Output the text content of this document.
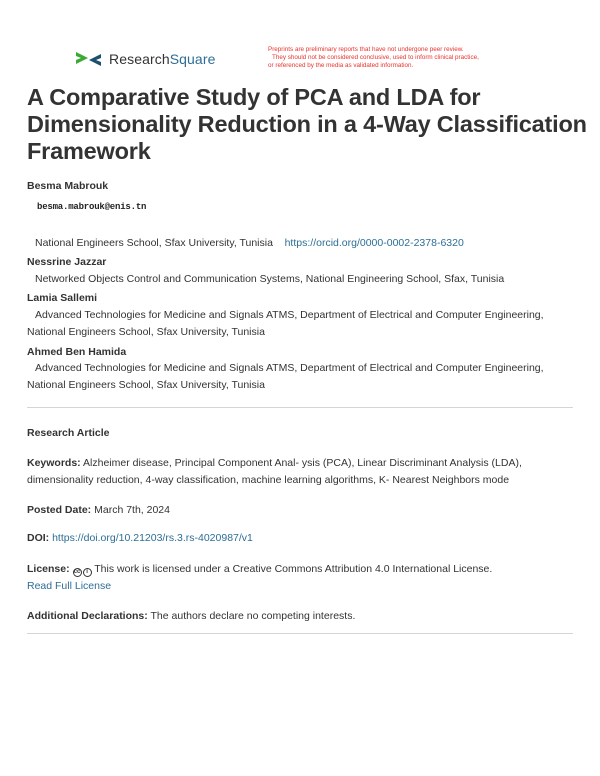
ResearchSquare
Preprints are preliminary reports that have not undergone peer review.
They should not be considered conclusive, used to inform clinical practice,
or referenced by the media as validated information.
A Comparative Study of PCA and LDA for Dimensionality Reduction in a 4-Way Classification Framework
Besma Mabrouk
besma.mabrouk@enis.tn
National Engineers School, Sfax University, Tunisia https://orcid.org/0000-0002-2378-6320
Nessrine Jazzar
Networked Objects Control and Communication Systems, National Engineering School, Sfax, Tunisia
Lamia Sallemi
Advanced Technologies for Medicine and Signals ATMS, Department of Electrical and Computer Engineering, National Engineers School, Sfax University, Tunisia
Ahmed Ben Hamida
Advanced Technologies for Medicine and Signals ATMS, Department of Electrical and Computer Engineering, National Engineers School, Sfax University, Tunisia
Research Article
Keywords: Alzheimer disease, Principal Component Anal- ysis (PCA), Linear Discriminant Analysis (LDA), dimensionality reduction, 4-way classification, machine learning algorithms, K- Nearest Neighbors mode
Posted Date: March 7th, 2024
DOI: https://doi.org/10.21203/rs.3.rs-4020987/v1
License: cc i This work is licensed under a Creative Commons Attribution 4.0 International License.
Read Full License
Additional Declarations: The authors declare no competing interests.
